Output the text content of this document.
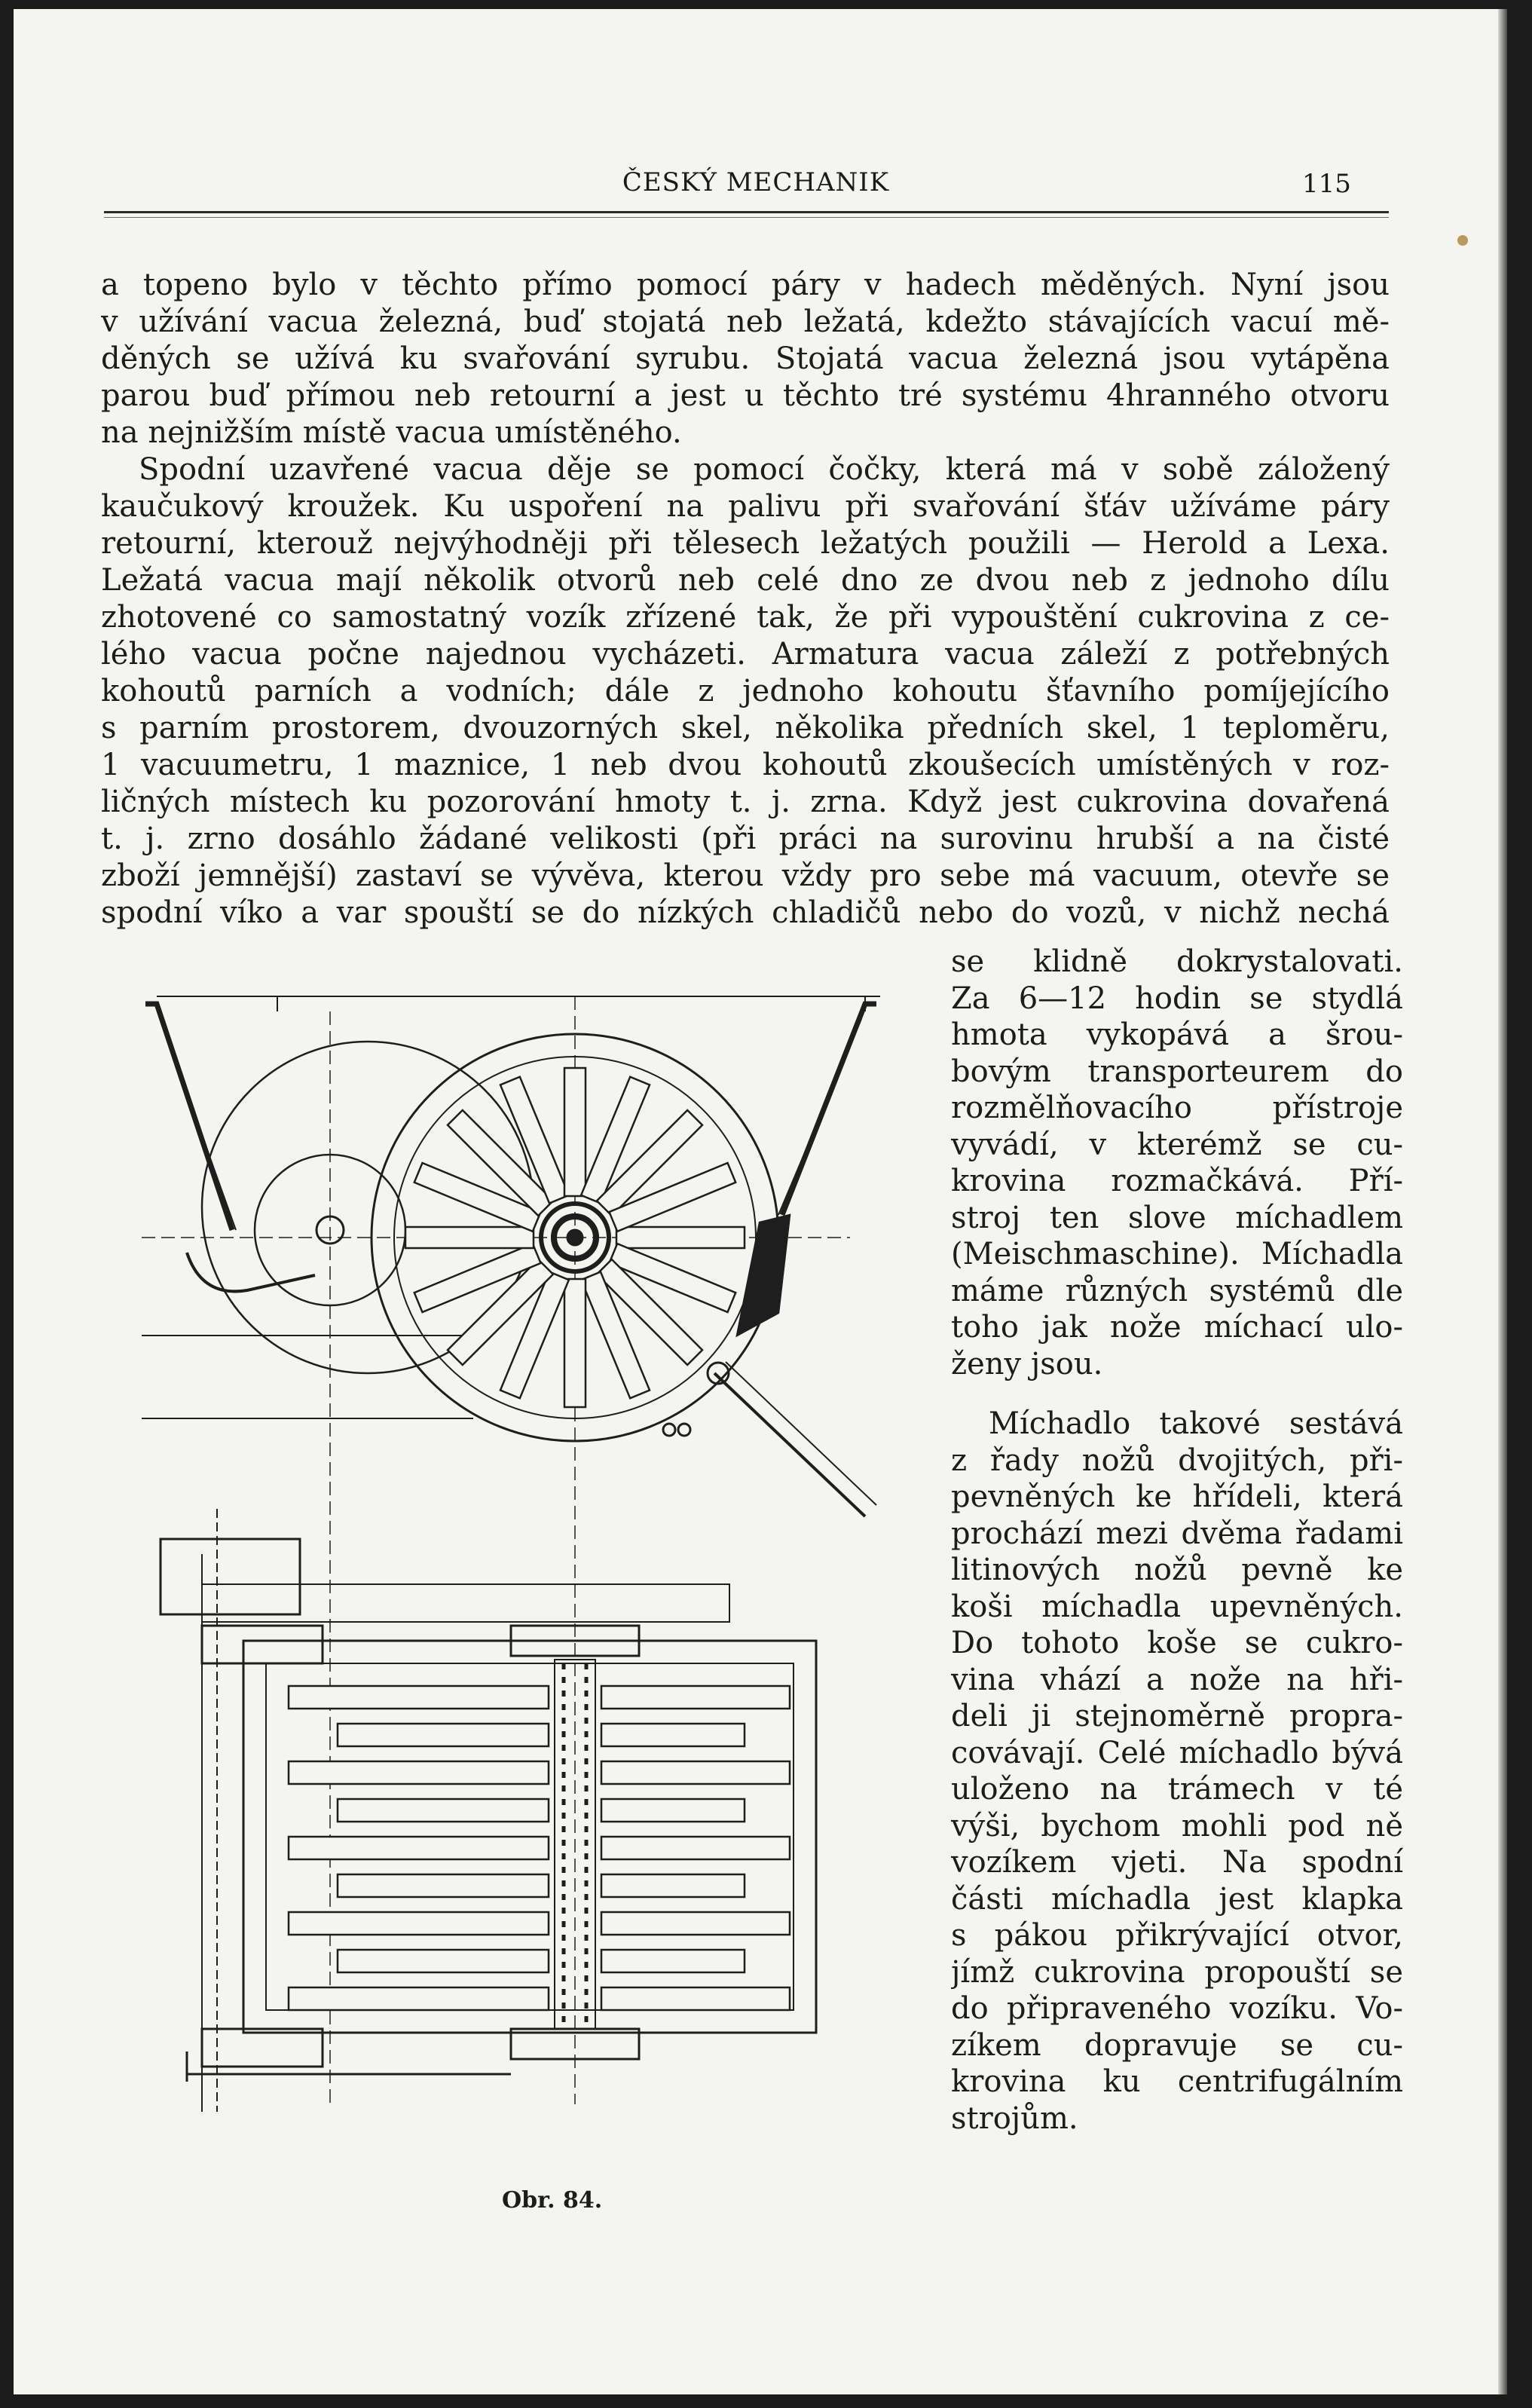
ČESKÝ MECHANIK	115
a topeno bylo v těchto přímo pomocí páry v hadech měděných. Nyní jsou
v užívání vacua železná, buď stojatá neb ležatá, kdežto stávajících vacuí mě-
děných se užívá ku svařování syrubu. Stojatá vacua železná jsou vytápěna
parou buď přímou neb retourní a jest u těchto tré systému 4hranného otvoru
na nejnižším místě vacua umístěného.
Spodní uzavřené vacua děje se pomocí čočky, která má v sobě záložený
kaučukový kroužek. Ku uspoření na palivu při svařování šťáv užíváme páry
retourní, kterouž nejvýhodněji při tělesech ležatých použili — Herold a Lexa.
Ležatá vacua mají několik otvorů neb celé dno ze dvou neb z jednoho dílu
zhotovené co samostatný vozík zřízené tak, že při vypouštění cukrovina z ce-
lého vacua počne najednou vycházeti. Armatura vacua záleží z potřebných
kohoutů parních a vodních; dále z jednoho kohoutu šťavního pomíjejícího
s parním prostorem, dvouzorných skel, několika předních skel, 1 teploměru,
1 vacuumetru, 1 maznice, 1 neb dvou kohoutů zkoušecích umístěných v roz-
ličných místech ku pozorování hmoty t. j. zrna. Když jest cukrovina dovařená
t. j. zrno dosáhlo žádané velikosti (při práci na surovinu hrubší a na čisté
zboží jemnější) zastaví se vývěva, kterou vždy pro sebe má vacuum, otevře se
spodní víko a var spouští se do nízkých chladičů nebo do vozů, v nichž nechá
se klidně dokrystalovati.
Za 6—12 hodin se stydlá
hmota vykopává a šrou-
bovým transporteurem do
rozmělňovacího přístroje
vyvádí, v kterémž se cu-
krovina rozmačkává. Pří-
stroj ten slove míchadlem
(Meischmaschine). Míchadla
máme různých systémů dle
toho jak nože míchací ulo-
ženy jsou.
Míchadlo takové sestává
z řady nožů dvojitých, při-
pevněných ke hřídeli, která
prochází mezi dvěma řadami
litinových nožů pevně ke
koši míchadla upevněných.
Do tohoto koše se cukro-
vina vhází a nože na hři-
deli ji stejnoměrně propra-
covávají. Celé míchadlo bývá
uloženo na trámech v té
výši, bychom mohli pod ně
vozíkem vjeti. Na spodní
části míchadla jest klapka
s pákou přikrývající otvor,
jímž cukrovina propouští se
do připraveného vozíku. Vo-
zíkem dopravuje se cu-
krovina ku centrifugálním
strojům.
Obr. 84.
